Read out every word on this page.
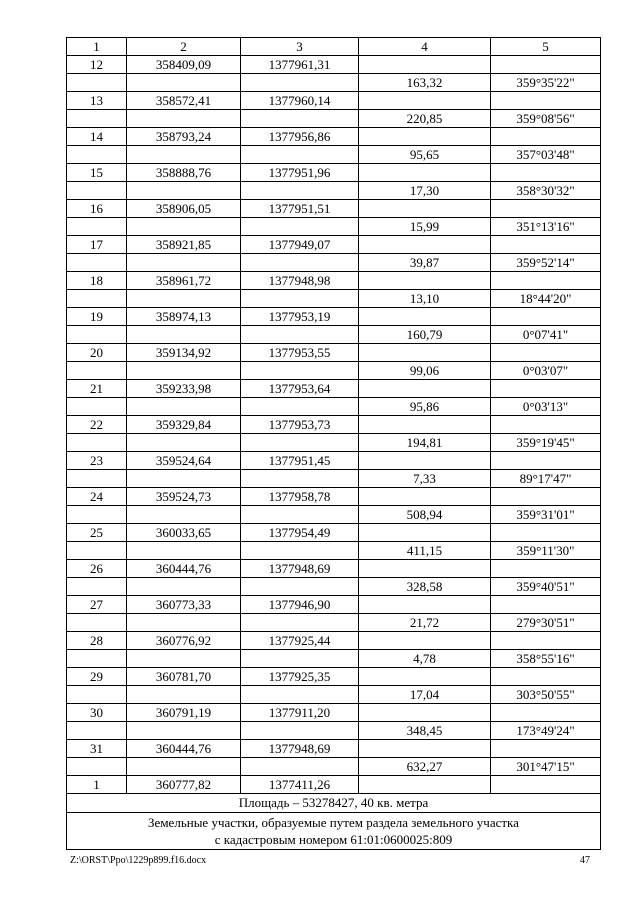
1	2	3	4	5
12	358409,09	1377961,31		
			163,32	359°35'22"
13	358572,41	1377960,14		
			220,85	359°08'56"
14	358793,24	1377956,86		
			95,65	357°03'48"
15	358888,76	1377951,96		
			17,30	358°30'32"
16	358906,05	1377951,51		
			15,99	351°13'16"
17	358921,85	1377949,07		
			39,87	359°52'14"
18	358961,72	1377948,98		
			13,10	18°44'20"
19	358974,13	1377953,19		
			160,79	0°07'41"
20	359134,92	1377953,55		
			99,06	0°03'07"
21	359233,98	1377953,64		
			95,86	0°03'13"
22	359329,84	1377953,73		
			194,81	359°19'45"
23	359524,64	1377951,45		
			7,33	89°17'47"
24	359524,73	1377958,78		
			508,94	359°31'01"
25	360033,65	1377954,49		
			411,15	359°11'30"
26	360444,76	1377948,69		
			328,58	359°40'51"
27	360773,33	1377946,90		
			21,72	279°30'51"
28	360776,92	1377925,44		
			4,78	358°55'16"
29	360781,70	1377925,35		
			17,04	303°50'55"
30	360791,19	1377911,20		
			348,45	173°49'24"
31	360444,76	1377948,69		
			632,27	301°47'15"
1	360777,82	1377411,26		
Площадь – 53278427, 40 кв. метра				

Земельные участки, образуемые путем раздела земельного участка
с кадастровым номером 61:01:0600025:809				
Z:\ORST\Ppo\1229p899.f16.docx	47
